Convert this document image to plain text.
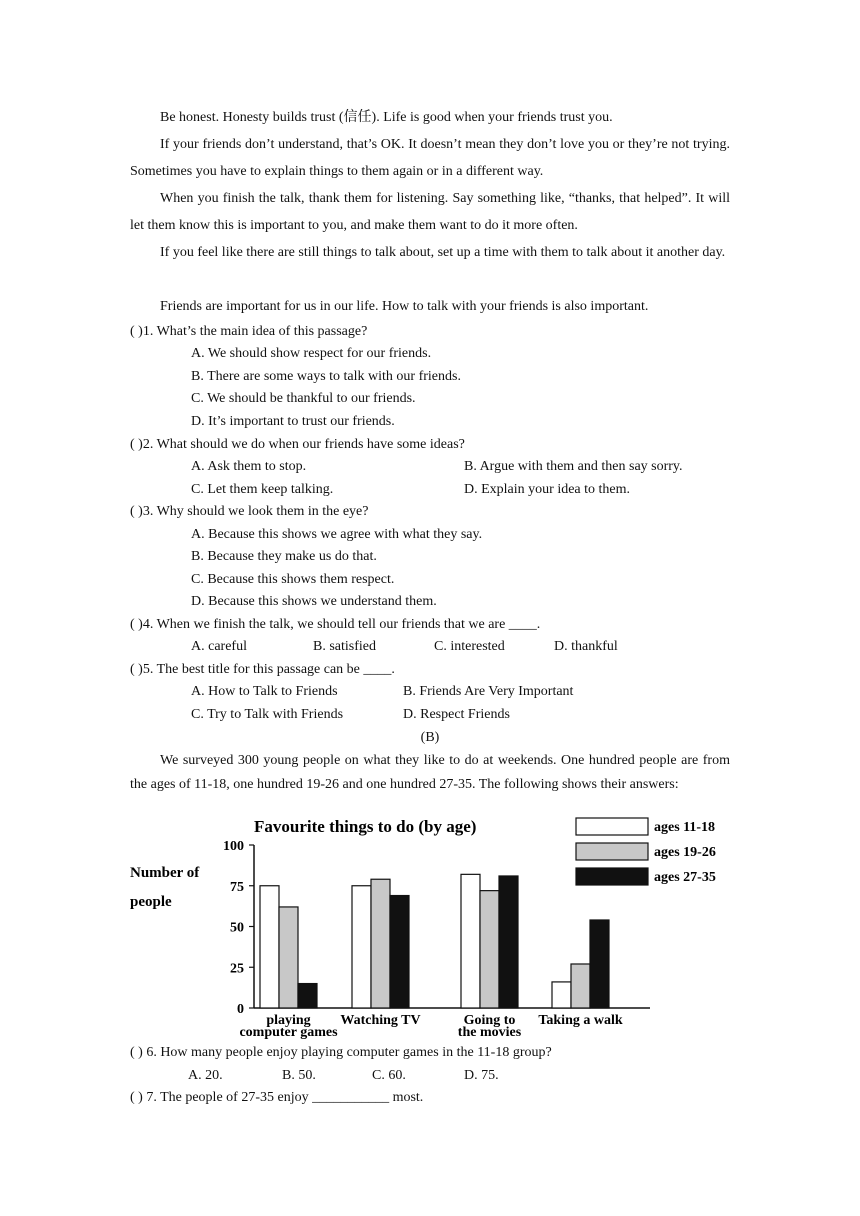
Be honest. Honesty builds trust (信任). Life is good when your friends trust you.

If your friends don’t understand, that’s OK. It doesn’t mean they don’t love you or they’re not trying. Sometimes you have to explain things to them again or in a different way.

When you finish the talk, thank them for listening. Say something like, “thanks, that helped”. It will let them know this is important to you, and make them want to do it more often.

If you feel like there are still things to talk about, set up a time with them to talk about it another day.

Friends are important for us in our life. How to talk with your friends is also important.

( )1. What’s the main idea of this passage?
A. We should show respect for our friends.
B. There are some ways to talk with our friends.
C. We should be thankful to our friends.
D. It’s important to trust our friends.
( )2. What should we do when our friends have some ideas?
A. Ask them to stop.	B. Argue with them and then say sorry.
C. Let them keep talking.	D. Explain your idea to them.
( )3. Why should we look them in the eye?
A. Because this shows we agree with what they say.
B. Because they make us do that.
C. Because this shows them respect.
D. Because this shows we understand them.
( )4. When we finish the talk, we should tell our friends that we are ____.
A. careful	B. satisfied	C. interested	D. thankful
( )5. The best title for this passage can be ____.
A. How to Talk to Friends	B. Friends Are Very Important
C. Try to Talk with Friends	D. Respect Friends
(B)

We surveyed 300 young people on what they like to do at weekends. One hundred people are from the ages of 11-18, one hundred 19-26 and one hundred 27-35. The following shows their answers:

Favourite things to do (by age)
Number of
people
0
25
50
75
100
playing
computer games
Watching TV	Going to
the movies
Taking a walk
ages 11-18
ages 19-26
ages 27-35
( ) 6. How many people enjoy playing computer games in the 11-18 group?
A. 20.	B. 50.	C. 60.	D. 75.
( ) 7. The people of 27-35 enjoy ___________ most.
